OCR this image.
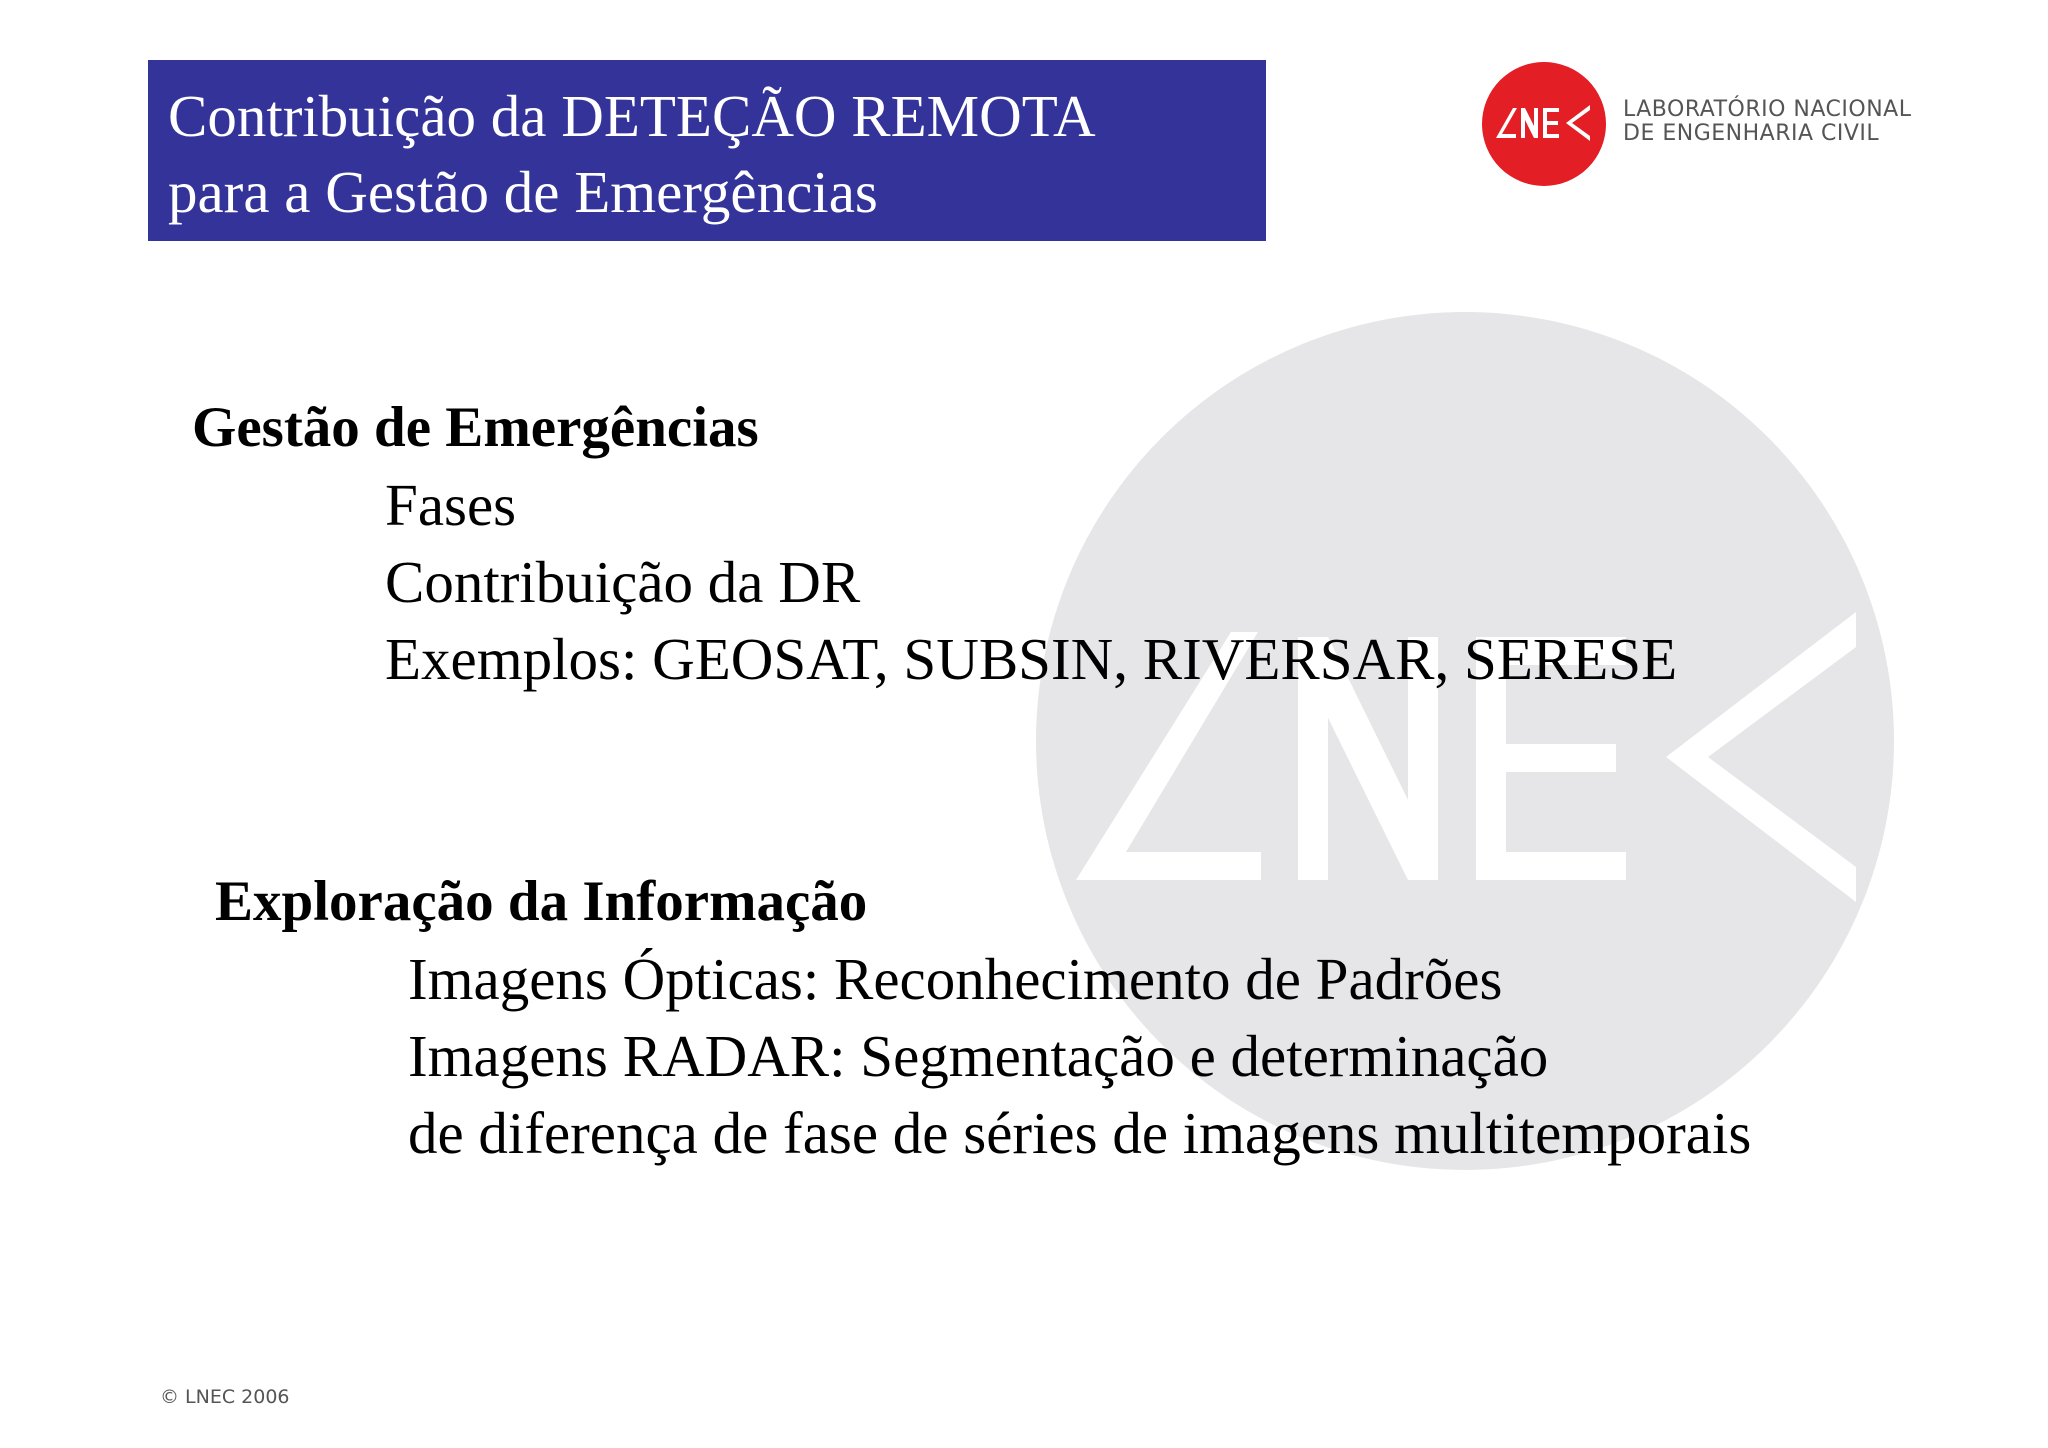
Contribuição da DETEÇÃO REMOTA
para a Gestão de Emergências
LABORATÓRIO NACIONAL
DE ENGENHARIA CIVIL
Gestão de Emergências
Fases
Contribuição da DR
Exemplos: GEOSAT, SUBSIN, RIVERSAR, SERESE
Exploração da Informação
Imagens Ópticas: Reconhecimento de Padrões
Imagens RADAR: Segmentação e determinação
de diferença de fase de séries de imagens multitemporais
© LNEC 2006
